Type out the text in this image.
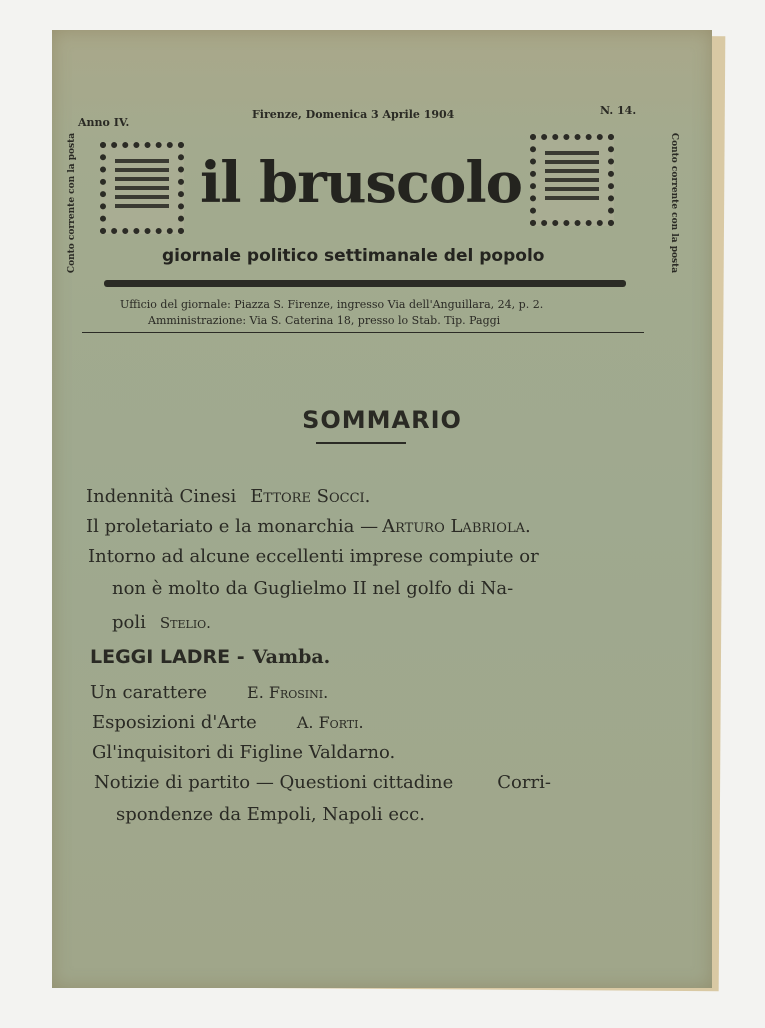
Anno IV.
Firenze, Domenica 3 Aprile 1904	N. 14.
Conto corrente con la posta	Conto corrente con la posta
il bruscolo
giornale politico settimanale del popolo
Ufficio del giornale: Piazza S. Firenze, ingresso Via dell'Anguillara, 24, p. 2.
Amministrazione: Via S. Caterina 18, presso lo Stab. Tip. Paggi
SOMMARIO
Indennità Cinesi Ettore Socci.
Il proletariato e la monarchia — Arturo Labriola.
Intorno ad alcune eccellenti imprese compiute or
non è molto da Guglielmo II nel golfo di Na-
poli Stelio.
LEGGI LADRE - Vamba.
Un carattere	E. Frosini.
Esposizioni d'Arte	A. Forti.
Gl'inquisitori di Figline Valdarno.
Notizie di partito — Questioni cittadine Corri-
spondenze da Empoli, Napoli ecc.
